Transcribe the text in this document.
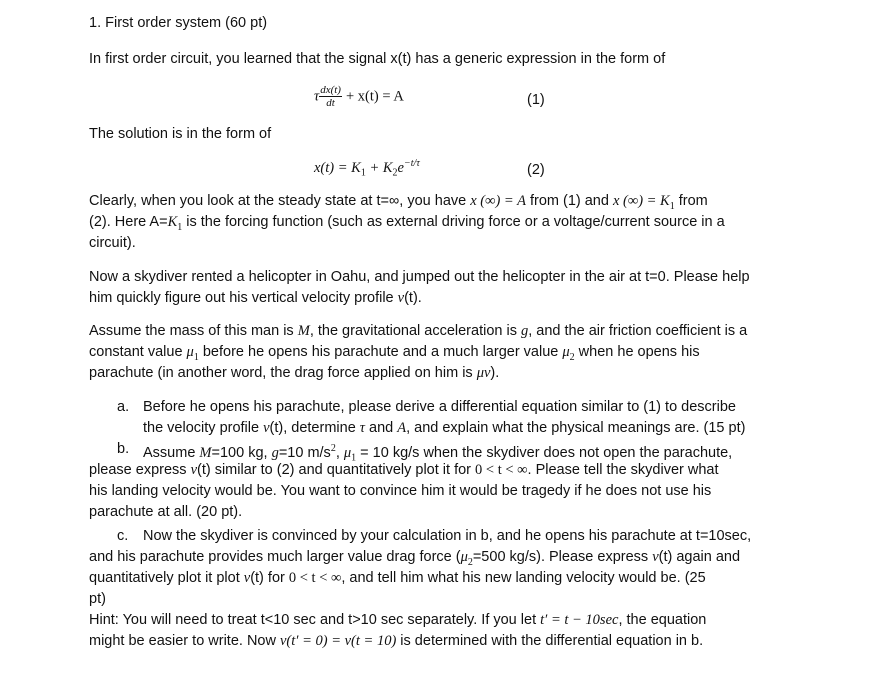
1. First order system (60 pt)
In first order circuit, you learned that the signal x(t) has a generic expression in the form of
τ $\frac{dx(t)}{dt} + x(t) = A$	(1)
The solution is in the form of
$x(t) = K_1 + K_2e^{-t/\tau}$	(2)
Clearly, when you look at the steady state at t=∞, you have x (∞) = A from (1) and x (∞) = $K_1$ from
(2). Here $A=K_1$ is the forcing function (such as external driving force or a voltage/current source in a
circuit).
Now a skydiver rented a helicopter in Oahu, and jumped out the helicopter in the air at t=0. Please help
him quickly figure out his vertical velocity profile v(t).
Assume the mass of this man is M, the gravitational acceleration is g, and the air friction coefficient is a
constant value $\mu_1$ before he opens his parachute and a much larger value $\mu_2$ when he opens his
parachute (in another word, the drag force applied on him is μv).
a. Before he opens his parachute, please derive a differential equation similar to (1) to describe
the velocity profile v(t), determine τ and A, and explain what the physical meanings are. (15 pt)
b. Assume M=100 kg, g=10 $m/s^2$, $\mu_1 = 10$ kg/s when the skydiver does not open the parachute,
please express v(t) similar to (2) and quantitatively plot it for 0 < t < ∞. Please tell the skydiver what
his landing velocity would be. You want to convince him it would be tragedy if he does not use his
parachute at all. (20 pt).
c. Now the skydiver is convinced by your calculation in b, and he opens his parachute at t=10sec,
and his parachute provides much larger value drag force ($\mu_2=500$ kg/s). Please express v(t) again and
quantitatively plot it plot v(t) for 0 < t < ∞, and tell him what his new landing velocity would be. (25
pt)
Hint: You will need to treat t<10 sec and t>10 sec separately. If you let t′ = t − 10sec, the equation
might be easier to write. Now v(t′ = 0) = v(t = 10) is determined with the differential equation in b.
